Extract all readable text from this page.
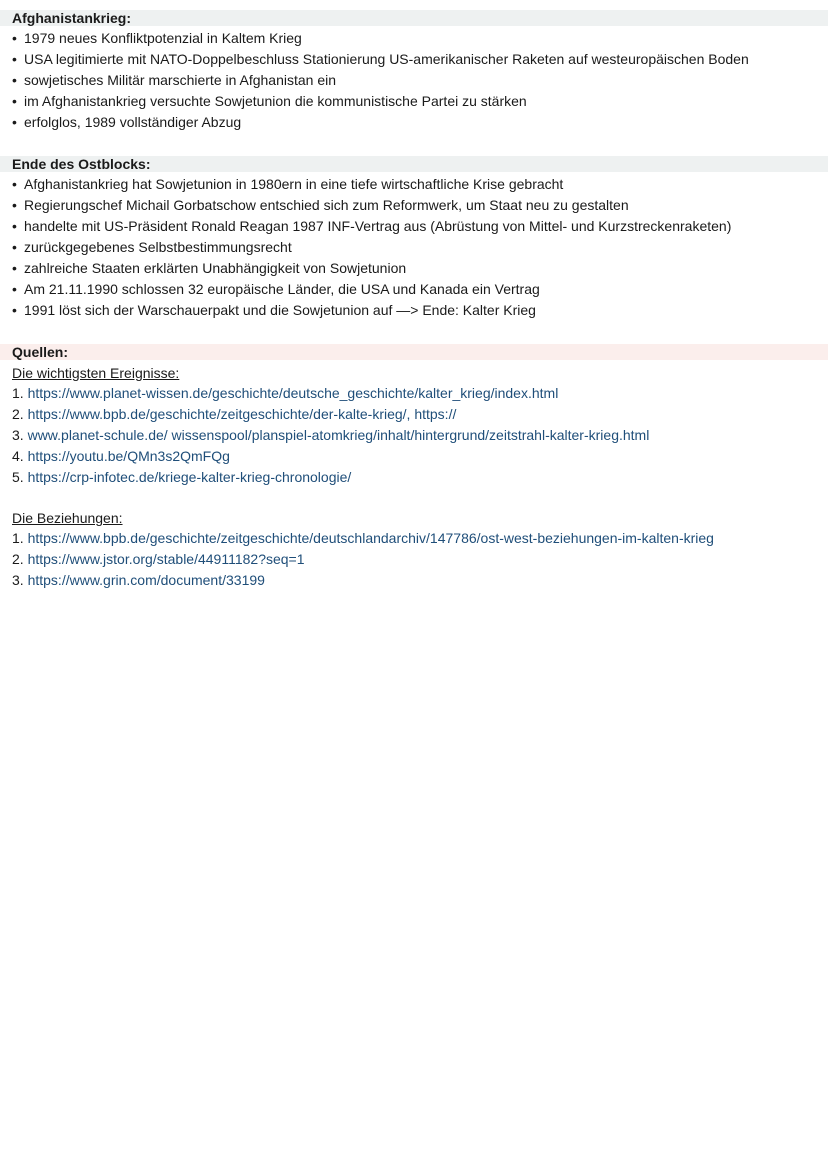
Afghanistankrieg:
• 1979 neues Konfliktpotenzial in Kaltem Krieg
• USA legitimierte mit NATO-Doppelbeschluss Stationierung US-amerikanischer Raketen auf westeuropäischen Boden
• sowjetisches Militär marschierte in Afghanistan ein
• im Afghanistankrieg versuchte Sowjetunion die kommunistische Partei zu stärken
• erfolglos, 1989 vollständiger Abzug
Ende des Ostblocks:
• Afghanistankrieg hat Sowjetunion in 1980ern in eine tiefe wirtschaftliche Krise gebracht
• Regierungschef Michail Gorbatschow entschied sich zum Reformwerk, um Staat neu zu gestalten
• handelte mit US-Präsident Ronald Reagan 1987 INF-Vertrag aus (Abrüstung von Mittel- und Kurzstreckenraketen)
• zurückgegebenes Selbstbestimmungsrecht
• zahlreiche Staaten erklärten Unabhängigkeit von Sowjetunion
• Am 21.11.1990 schlossen 32 europäische Länder, die USA und Kanada ein Vertrag
• 1991 löst sich der Warschauerpakt und die Sowjetunion auf —> Ende: Kalter Krieg
Quellen:
Die wichtigsten Ereignisse:
1. https://www.planet-wissen.de/geschichte/deutsche_geschichte/kalter_krieg/index.html
2. https://www.bpb.de/geschichte/zeitgeschichte/der-kalte-krieg/, https://
3. www.planet-schule.de/ wissenspool/planspiel-atomkrieg/inhalt/hintergrund/zeitstrahl-kalter-krieg.html
4. https://youtu.be/QMn3s2QmFQg
5. https://crp-infotec.de/kriege-kalter-krieg-chronologie/
Die Beziehungen:
1. https://www.bpb.de/geschichte/zeitgeschichte/deutschlandarchiv/147786/ost-west-beziehungen-im-kalten-krieg
2. https://www.jstor.org/stable/44911182?seq=1
3. https://www.grin.com/document/33199
